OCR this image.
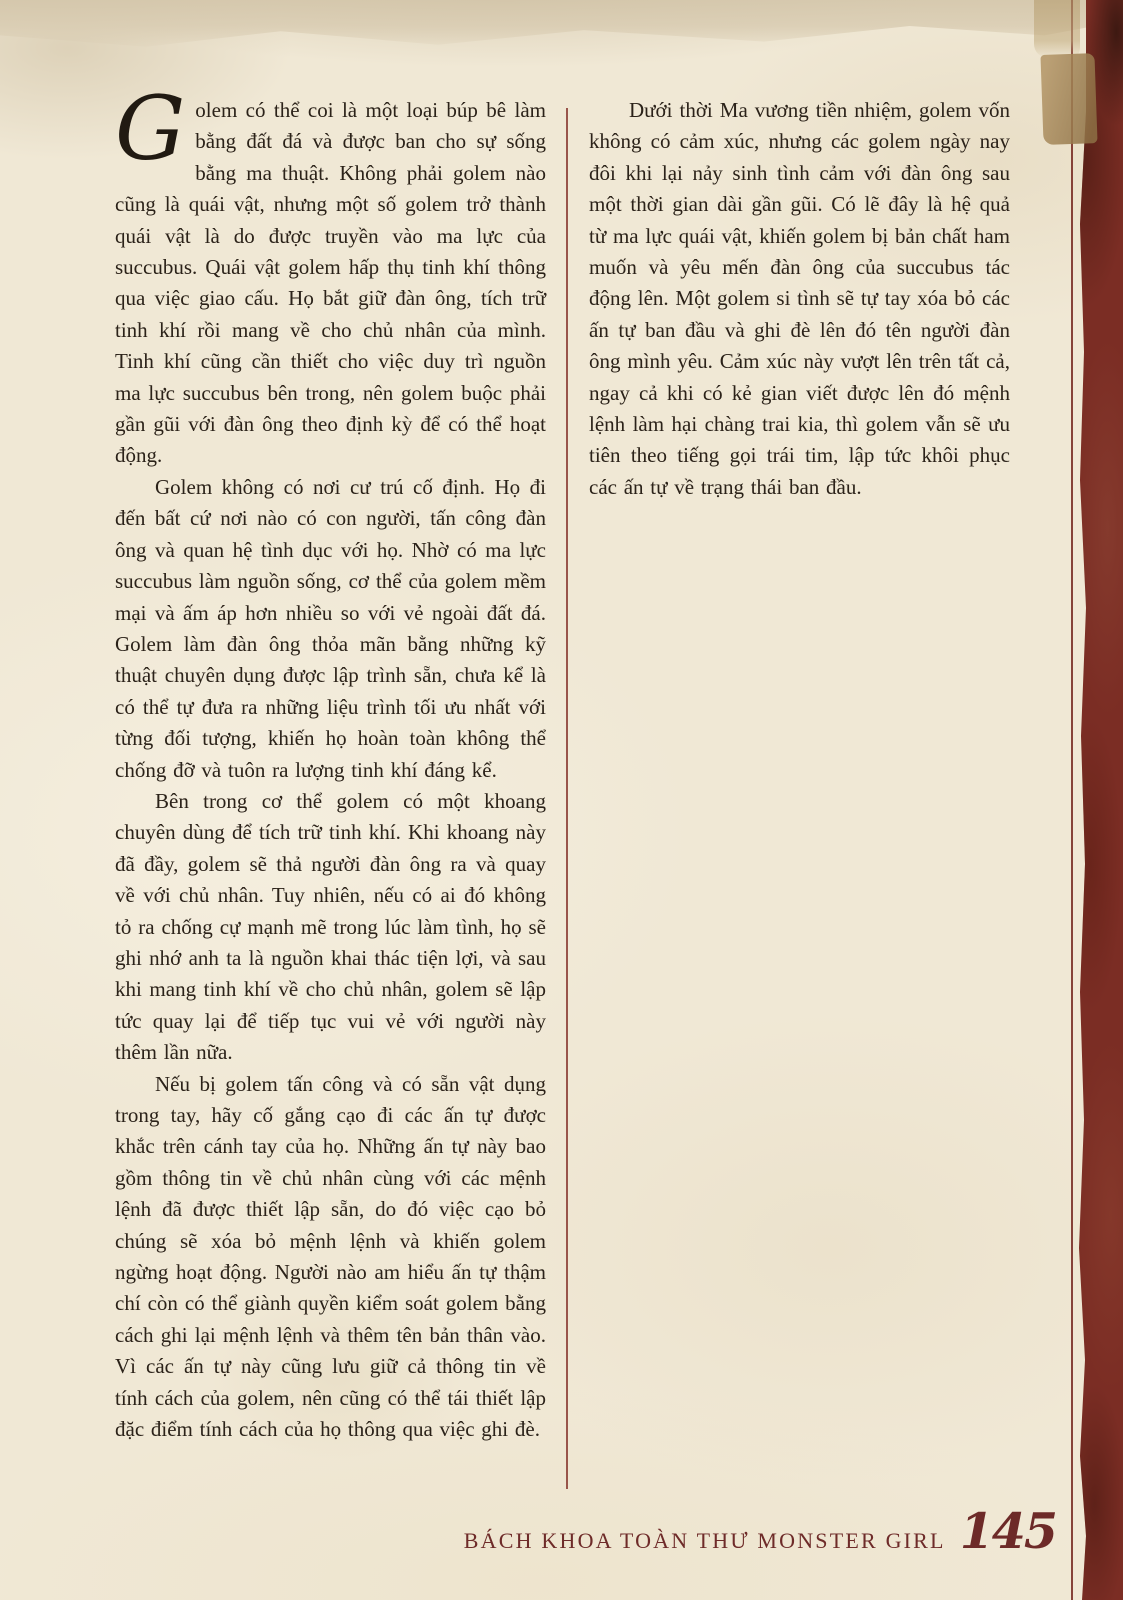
Golem có thể coi là một loại búp bê làm bằng đất đá và được ban cho sự sống bằng ma thuật. Không phải golem nào cũng là quái vật, nhưng một số golem trở thành quái vật là do được truyền vào ma lực của succubus. Quái vật golem hấp thụ tinh khí thông qua việc giao cấu. Họ bắt giữ đàn ông, tích trữ tinh khí rồi mang về cho chủ nhân của mình. Tinh khí cũng cần thiết cho việc duy trì nguồn ma lực succubus bên trong, nên golem buộc phải gần gũi với đàn ông theo định kỳ để có thể hoạt động.

Golem không có nơi cư trú cố định. Họ đi đến bất cứ nơi nào có con người, tấn công đàn ông và quan hệ tình dục với họ. Nhờ có ma lực succubus làm nguồn sống, cơ thể của golem mềm mại và ấm áp hơn nhiều so với vẻ ngoài đất đá. Golem làm đàn ông thỏa mãn bằng những kỹ thuật chuyên dụng được lập trình sẵn, chưa kể là có thể tự đưa ra những liệu trình tối ưu nhất với từng đối tượng, khiến họ hoàn toàn không thể chống đỡ và tuôn ra lượng tinh khí đáng kể.

Bên trong cơ thể golem có một khoang chuyên dùng để tích trữ tinh khí. Khi khoang này đã đầy, golem sẽ thả người đàn ông ra và quay về với chủ nhân. Tuy nhiên, nếu có ai đó không tỏ ra chống cự mạnh mẽ trong lúc làm tình, họ sẽ ghi nhớ anh ta là nguồn khai thác tiện lợi, và sau khi mang tinh khí về cho chủ nhân, golem sẽ lập tức quay lại để tiếp tục vui vẻ với người này thêm lần nữa.

Nếu bị golem tấn công và có sẵn vật dụng trong tay, hãy cố gắng cạo đi các ấn tự được khắc trên cánh tay của họ. Những ấn tự này bao gồm thông tin về chủ nhân cùng với các mệnh lệnh đã được thiết lập sẵn, do đó việc cạo bỏ chúng sẽ xóa bỏ mệnh lệnh và khiến golem ngừng hoạt động. Người nào am hiểu ấn tự thậm chí còn có thể giành quyền kiểm soát golem bằng cách ghi lại mệnh lệnh và thêm tên bản thân vào. Vì các ấn tự này cũng lưu giữ cả thông tin về tính cách của golem, nên cũng có thể tái thiết lập đặc điểm tính cách của họ thông qua việc ghi đè.

Dưới thời Ma vương tiền nhiệm, golem vốn không có cảm xúc, nhưng các golem ngày nay đôi khi lại nảy sinh tình cảm với đàn ông sau một thời gian dài gần gũi. Có lẽ đây là hệ quả từ ma lực quái vật, khiến golem bị bản chất ham muốn và yêu mến đàn ông của succubus tác động lên. Một golem si tình sẽ tự tay xóa bỏ các ấn tự ban đầu và ghi đè lên đó tên người đàn ông mình yêu. Cảm xúc này vượt lên trên tất cả, ngay cả khi có kẻ gian viết được lên đó mệnh lệnh làm hại chàng trai kia, thì golem vẫn sẽ ưu tiên theo tiếng gọi trái tim, lập tức khôi phục các ấn tự về trạng thái ban đầu.

BÁCH KHOA TOÀN THƯ MONSTER GIRL 145
